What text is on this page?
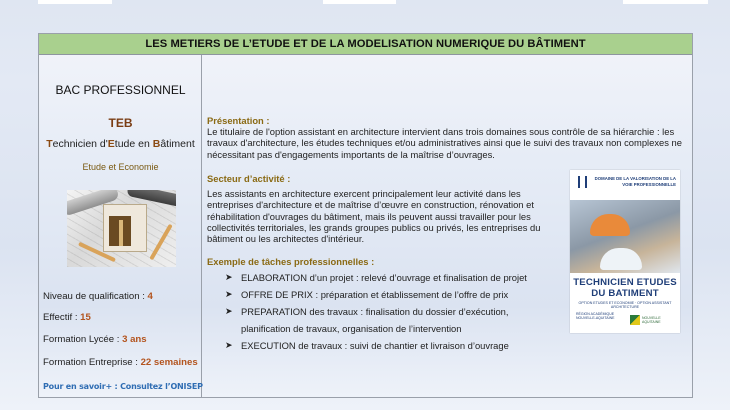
LES METIERS DE L’ETUDE ET DE LA MODELISATION NUMERIQUE DU BÂTIMENT
BAC PROFESSIONNEL
TEB
Technicien d'Etude en Bâtiment
Etude et Economie
Niveau de qualification : 4
Effectif : 15
Formation Lycée : 3 ans
Formation Entreprise : 22 semaines
Pour en savoir+ : Consultez l’ONISEP
Présentation :
Le titulaire de l'option assistant en architecture intervient dans trois domaines sous contrôle de sa hiérarchie : les travaux d'architecture, les études techniques et/ou administratives ainsi que le suivi des travaux non complexes ne nécessitant pas d'engagements importants de la maîtrise d’ouvrages.
Secteur d’activité :
Les assistants en architecture exercent principalement leur activité dans les entreprises d'architecture et de maîtrise d’œuvre en construction, rénovation et réhabilitation d'ouvrages du bâtiment, mais ils peuvent aussi travailler pour les collectivités territoriales, les grands groupes publics ou privés, les entreprises du bâtiment ou les architectes d'intérieur.
Exemple de tâches professionnelles :
➤ ELABORATION d’un projet : relevé d’ouvrage et finalisation de projet
➤ OFFRE DE PRIX : préparation et établissement de l’offre de prix
➤ PREPARATION des travaux : finalisation du dossier d’exécution,
planification de travaux, organisation de l’intervention
➤ EXECUTION de travaux : suivi de chantier et livraison d’ouvrage
DOMAINE DE LA VALORISATION DE LA VOIE PROFESSIONNELLE
TECHNICIEN ETUDES
DU BATIMENT
OPTION ETUDES ET ECONOMIE · OPTION ASSISTANT ARCHITECTURE
RÉGION ACADÉMIQUE NOUVELLE-AQUITAINE	NOUVELLE AQUITAINE
